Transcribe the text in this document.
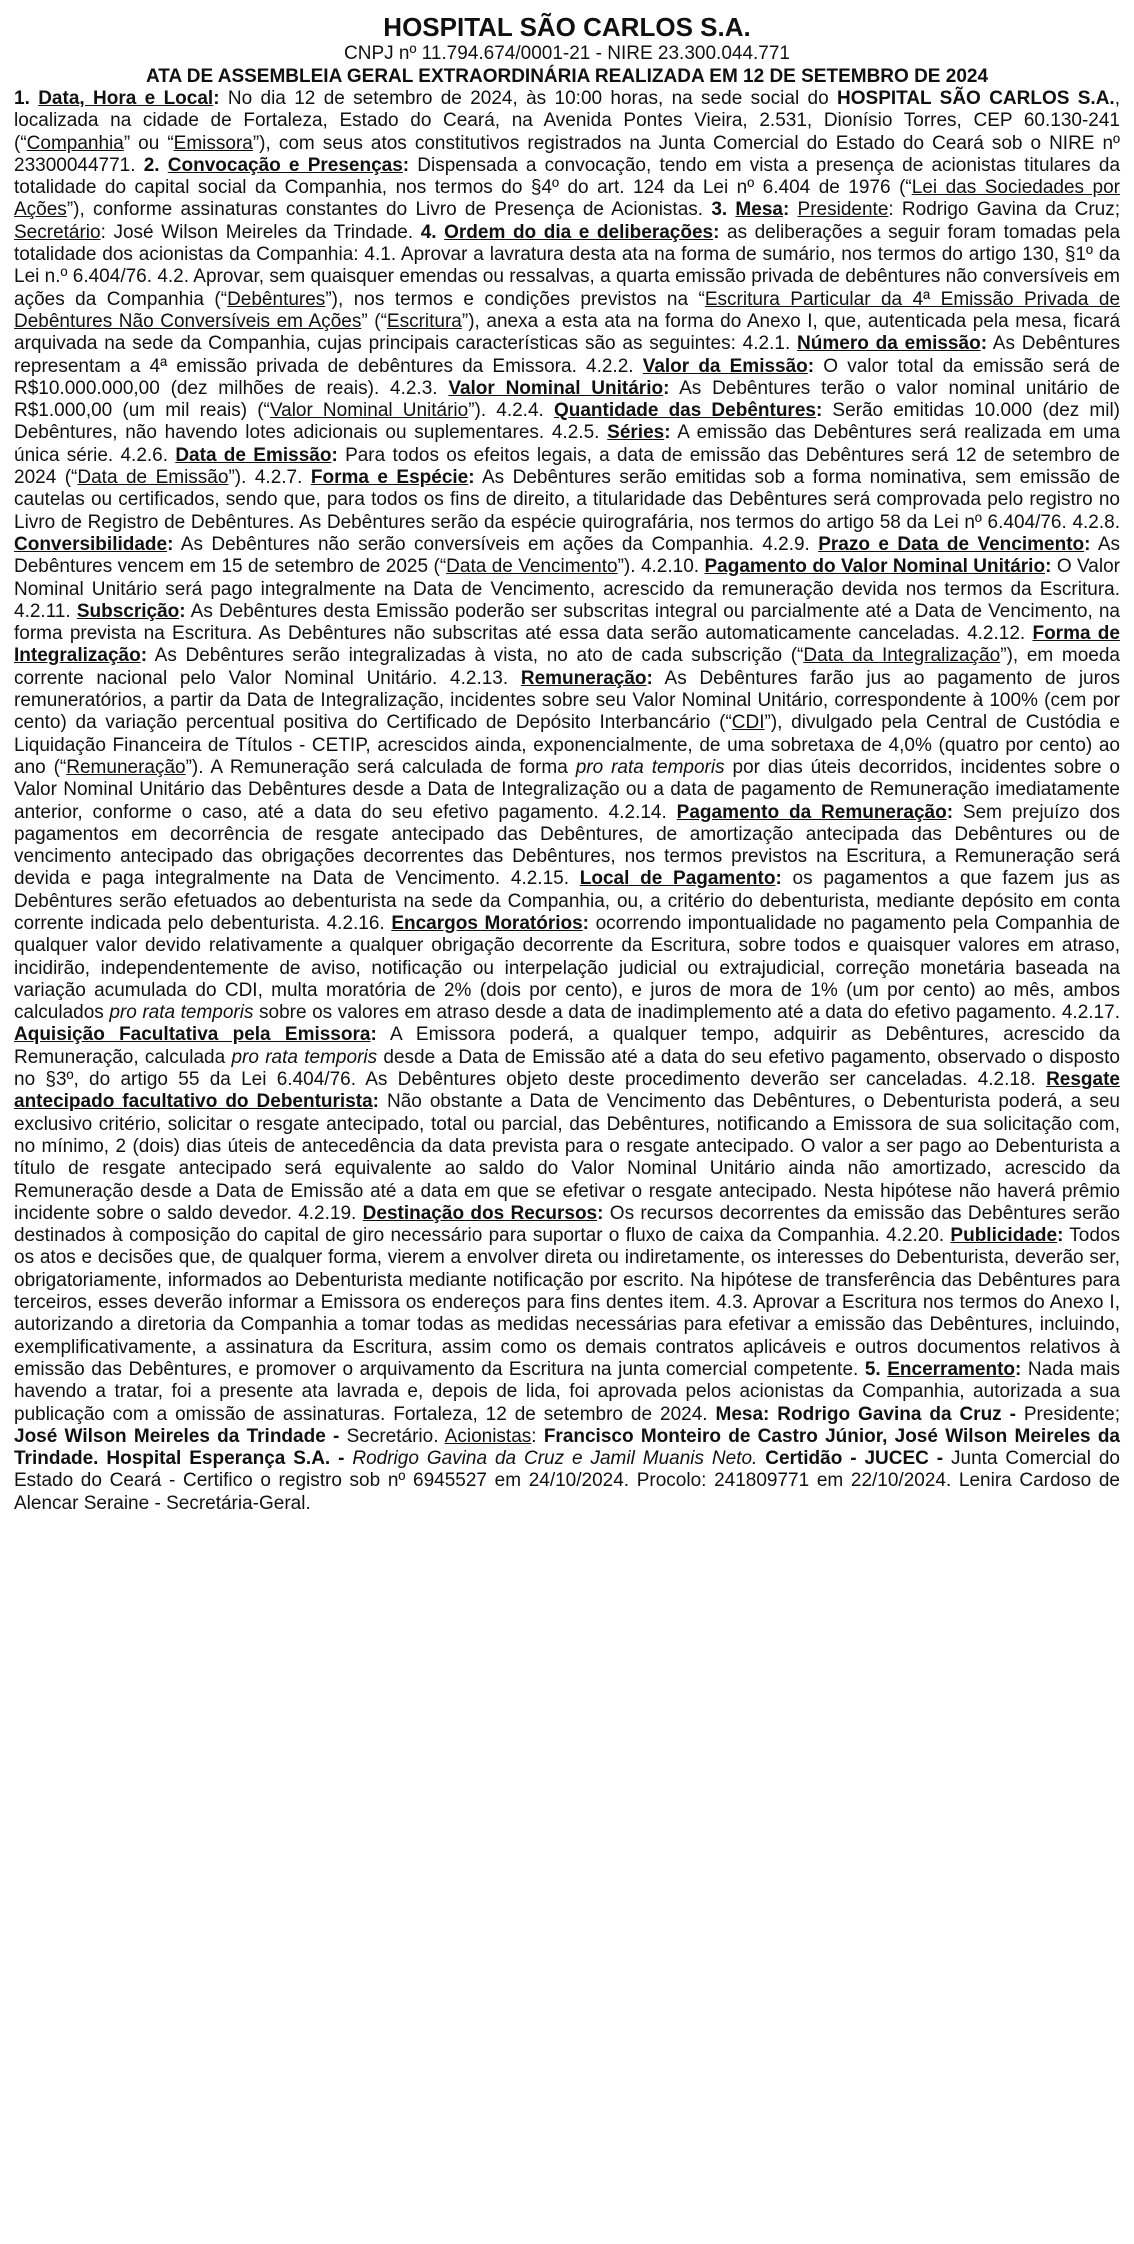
HOSPITAL SÃO CARLOS S.A.

CNPJ nº 11.794.674/0001-21 - NIRE 23.300.044.771

ATA DE ASSEMBLEIA GERAL EXTRAORDINÁRIA REALIZADA EM 12 DE SETEMBRO DE 2024

1. Data, Hora e Local: No dia 12 de setembro de 2024, às 10:00 horas, na sede social do HOSPITAL SÃO CARLOS S.A., localizada na cidade de Fortaleza, Estado do Ceará, na Avenida Pontes Vieira, 2.531, Dionísio Torres, CEP 60.130-241 (“Companhia” ou “Emissora”), com seus atos constitutivos registrados na Junta Comercial do Estado do Ceará sob o NIRE nº 23300044771. 2. Convocação e Presenças: Dispensada a convocação, tendo em vista a presença de acionistas titulares da totalidade do capital social da Companhia, nos termos do §4º do art. 124 da Lei nº 6.404 de 1976 (“Lei das Sociedades por Ações”), conforme assinaturas constantes do Livro de Presença de Acionistas. 3. Mesa: Presidente: Rodrigo Gavina da Cruz; Secretário: José Wilson Meireles da Trindade. 4. Ordem do dia e deliberações: as deliberações a seguir foram tomadas pela totalidade dos acionistas da Companhia: 4.1. Aprovar a lavratura desta ata na forma de sumário, nos termos do artigo 130, §1º da Lei n.º 6.404/76. 4.2. Aprovar, sem quaisquer emendas ou ressalvas, a quarta emissão privada de debêntures não conversíveis em ações da Companhia (“Debêntures”), nos termos e condições previstos na “Escritura Particular da 4ª Emissão Privada de Debêntures Não Conversíveis em Ações” (“Escritura”), anexa a esta ata na forma do Anexo I, que, autenticada pela mesa, ficará arquivada na sede da Companhia, cujas principais características são as seguintes: 4.2.1. Número da emissão: As Debêntures representam a 4ª emissão privada de debêntures da Emissora. 4.2.2. Valor da Emissão: O valor total da emissão será de R$10.000.000,00 (dez milhões de reais). 4.2.3. Valor Nominal Unitário: As Debêntures terão o valor nominal unitário de R$1.000,00 (um mil reais) (“Valor Nominal Unitário”). 4.2.4. Quantidade das Debêntures: Serão emitidas 10.000 (dez mil) Debêntures, não havendo lotes adicionais ou suplementares. 4.2.5. Séries: A emissão das Debêntures será realizada em uma única série. 4.2.6. Data de Emissão: Para todos os efeitos legais, a data de emissão das Debêntures será 12 de setembro de 2024 (“Data de Emissão”). 4.2.7. Forma e Espécie: As Debêntures serão emitidas sob a forma nominativa, sem emissão de cautelas ou certificados, sendo que, para todos os fins de direito, a titularidade das Debêntures será comprovada pelo registro no Livro de Registro de Debêntures. As Debêntures serão da espécie quirografária, nos termos do artigo 58 da Lei nº 6.404/76. 4.2.8. Conversibilidade: As Debêntures não serão conversíveis em ações da Companhia. 4.2.9. Prazo e Data de Vencimento: As Debêntures vencem em 15 de setembro de 2025 (“Data de Vencimento”). 4.2.10. Pagamento do Valor Nominal Unitário: O Valor Nominal Unitário será pago integralmente na Data de Vencimento, acrescido da remuneração devida nos termos da Escritura. 4.2.11. Subscrição: As Debêntures desta Emissão poderão ser subscritas integral ou parcialmente até a Data de Vencimento, na forma prevista na Escritura. As Debêntures não subscritas até essa data serão automaticamente canceladas. 4.2.12. Forma de Integralização: As Debêntures serão integralizadas à vista, no ato de cada subscrição (“Data da Integralização”), em moeda corrente nacional pelo Valor Nominal Unitário. 4.2.13. Remuneração: As Debêntures farão jus ao pagamento de juros remuneratórios, a partir da Data de Integralização, incidentes sobre seu Valor Nominal Unitário, correspondente à 100% (cem por cento) da variação percentual positiva do Certificado de Depósito Interbancário (“CDI”), divulgado pela Central de Custódia e Liquidação Financeira de Títulos - CETIP, acrescidos ainda, exponencialmente, de uma sobretaxa de 4,0% (quatro por cento) ao ano (“Remuneração”). A Remuneração será calculada de forma pro rata temporis por dias úteis decorridos, incidentes sobre o Valor Nominal Unitário das Debêntures desde a Data de Integralização ou a data de pagamento de Remuneração imediatamente anterior, conforme o caso, até a data do seu efetivo pagamento. 4.2.14. Pagamento da Remuneração: Sem prejuízo dos pagamentos em decorrência de resgate antecipado das Debêntures, de amortização antecipada das Debêntures ou de vencimento antecipado das obrigações decorrentes das Debêntures, nos termos previstos na Escritura, a Remuneração será devida e paga integralmente na Data de Vencimento. 4.2.15. Local de Pagamento: os pagamentos a que fazem jus as Debêntures serão efetuados ao debenturista na sede da Companhia, ou, a critério do debenturista, mediante depósito em conta corrente indicada pelo debenturista. 4.2.16. Encargos Moratórios: ocorrendo impontualidade no pagamento pela Companhia de qualquer valor devido relativamente a qualquer obrigação decorrente da Escritura, sobre todos e quaisquer valores em atraso, incidirão, independentemente de aviso, notificação ou interpelação judicial ou extrajudicial, correção monetária baseada na variação acumulada do CDI, multa moratória de 2% (dois por cento), e juros de mora de 1% (um por cento) ao mês, ambos calculados pro rata temporis sobre os valores em atraso desde a data de inadimplemento até a data do efetivo pagamento. 4.2.17. Aquisição Facultativa pela Emissora: A Emissora poderá, a qualquer tempo, adquirir as Debêntures, acrescido da Remuneração, calculada pro rata temporis desde a Data de Emissão até a data do seu efetivo pagamento, observado o disposto no §3º, do artigo 55 da Lei 6.404/76. As Debêntures objeto deste procedimento deverão ser canceladas. 4.2.18. Resgate antecipado facultativo do Debenturista: Não obstante a Data de Vencimento das Debêntures, o Debenturista poderá, a seu exclusivo critério, solicitar o resgate antecipado, total ou parcial, das Debêntures, notificando a Emissora de sua solicitação com, no mínimo, 2 (dois) dias úteis de antecedência da data prevista para o resgate antecipado. O valor a ser pago ao Debenturista a título de resgate antecipado será equivalente ao saldo do Valor Nominal Unitário ainda não amortizado, acrescido da Remuneração desde a Data de Emissão até a data em que se efetivar o resgate antecipado. Nesta hipótese não haverá prêmio incidente sobre o saldo devedor. 4.2.19. Destinação dos Recursos: Os recursos decorrentes da emissão das Debêntures serão destinados à composição do capital de giro necessário para suportar o fluxo de caixa da Companhia. 4.2.20. Publicidade: Todos os atos e decisões que, de qualquer forma, vierem a envolver direta ou indiretamente, os interesses do Debenturista, deverão ser, obrigatoriamente, informados ao Debenturista mediante notificação por escrito. Na hipótese de transferência das Debêntures para terceiros, esses deverão informar a Emissora os endereços para fins dentes item. 4.3. Aprovar a Escritura nos termos do Anexo I, autorizando a diretoria da Companhia a tomar todas as medidas necessárias para efetivar a emissão das Debêntures, incluindo, exemplificativamente, a assinatura da Escritura, assim como os demais contratos aplicáveis e outros documentos relativos à emissão das Debêntures, e promover o arquivamento da Escritura na junta comercial competente. 5. Encerramento: Nada mais havendo a tratar, foi a presente ata lavrada e, depois de lida, foi aprovada pelos acionistas da Companhia, autorizada a sua publicação com a omissão de assinaturas. Fortaleza, 12 de setembro de 2024. Mesa: Rodrigo Gavina da Cruz - Presidente; José Wilson Meireles da Trindade - Secretário. Acionistas: Francisco Monteiro de Castro Júnior, José Wilson Meireles da Trindade. Hospital Esperança S.A. - Rodrigo Gavina da Cruz e Jamil Muanis Neto. Certidão - JUCEC - Junta Comercial do Estado do Ceará - Certifico o registro sob nº 6945527 em 24/10/2024. Procolo: 241809771 em 22/10/2024. Lenira Cardoso de Alencar Seraine - Secretária-Geral.
